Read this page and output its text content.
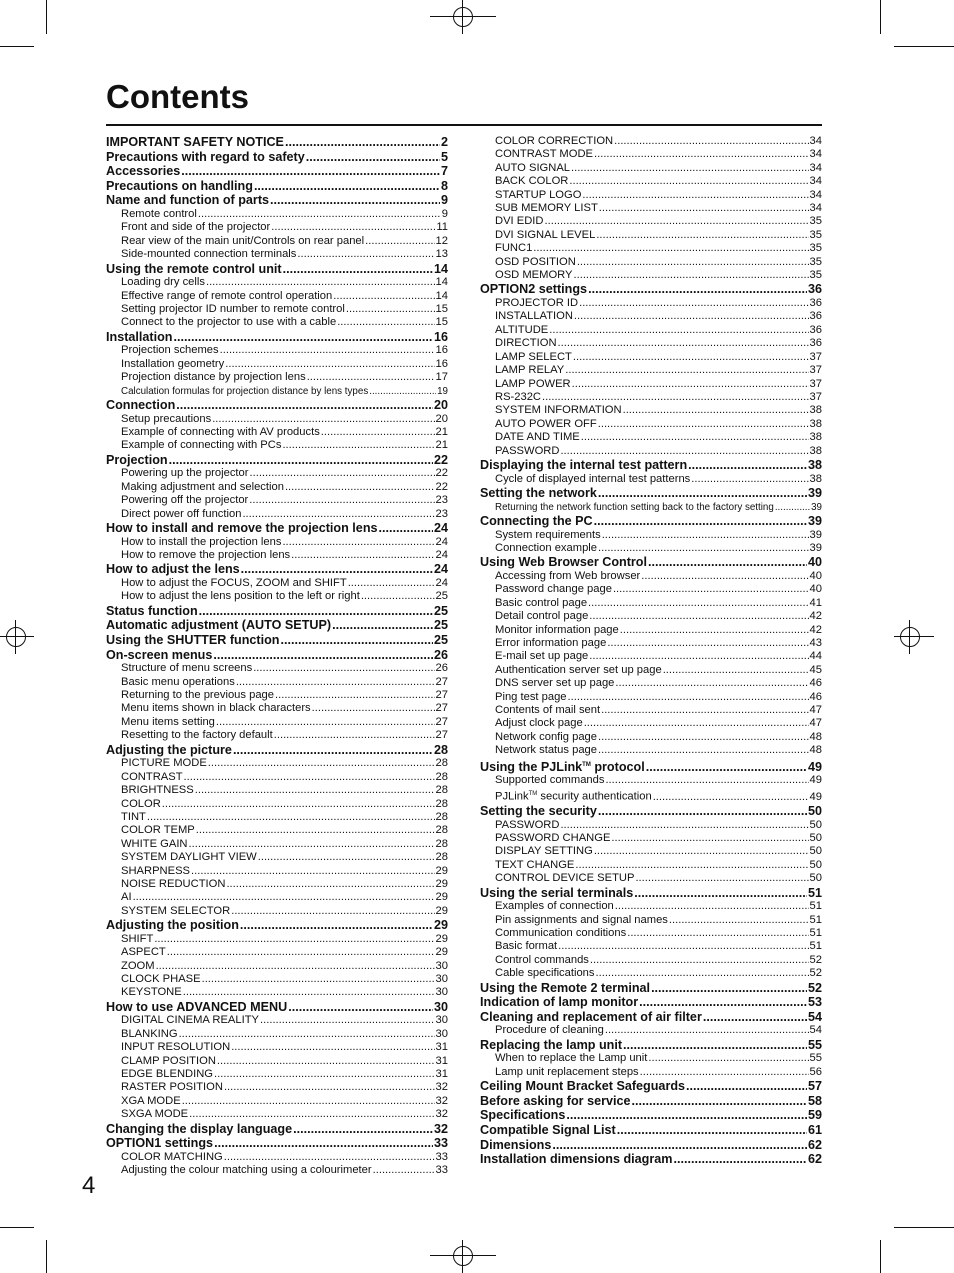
Contents
IMPORTANT SAFETY NOTICE .....	2
Precautions with regard to safety .....	5
Accessories .....	7
Precautions on handling .....	8
Name and function of parts .....	9
Remote control .....	9
Front and side of the projector .....	11
Rear view of the main unit/Controls on rear panel .....	12
Side-mounted connection terminals .....	13
Using the remote control unit .....	14
Loading dry cells .....	14
Effective range of remote control operation .....	14
Setting projector ID number to remote control .....	15
Connect to the projector to use with a cable .....	15
Installation .....	16
Projection schemes .....	16
Installation geometry .....	16
Projection distance by projection lens .....	17
Calculation formulas for projection distance by lens types .....	19
Connection .....	20
Setup precautions .....	20
Example of connecting with AV products .....	21
Example of connecting with PCs .....	21
Projection .....	22
Powering up the projector .....	22
Making adjustment and selection .....	22
Powering off the projector .....	23
Direct power off function .....	23
How to install and remove the projection lens .....	24
How to install the projection lens .....	24
How to remove the projection lens .....	24
How to adjust the lens .....	24
How to adjust the FOCUS, ZOOM and SHIFT .....	24
How to adjust the lens position to the left or right .....	25
Status function .....	25
Automatic adjustment (AUTO SETUP) .....	25
Using the SHUTTER function .....	25
On-screen menus .....	26
Structure of menu screens .....	26
Basic menu operations .....	27
Returning to the previous page .....	27
Menu items shown in black characters .....	27
Menu items setting .....	27
Resetting to the factory default .....	27
Adjusting the picture .....	28
PICTURE MODE .....	28
CONTRAST .....	28
BRIGHTNESS .....	28
COLOR .....	28
TINT .....	28
COLOR TEMP .....	28
WHITE GAIN .....	28
SYSTEM DAYLIGHT VIEW .....	28
SHARPNESS .....	29
NOISE REDUCTION .....	29
AI .....	29
SYSTEM SELECTOR .....	29
Adjusting the position .....	29
SHIFT .....	29
ASPECT .....	29
ZOOM .....	30
CLOCK PHASE .....	30
KEYSTONE .....	30
How to use ADVANCED MENU .....	30
DIGITAL CINEMA REALITY .....	30
BLANKING .....	30
INPUT RESOLUTION .....	31
CLAMP POSITION .....	31
EDGE BLENDING .....	31
RASTER POSITION .....	32
XGA MODE .....	32
SXGA MODE .....	32
Changing the display language .....	32
OPTION1 settings .....	33
COLOR MATCHING .....	33
Adjusting the colour matching using a colourimeter .....	33
COLOR CORRECTION .....	34
CONTRAST MODE .....	34
AUTO SIGNAL .....	34
BACK COLOR .....	34
STARTUP LOGO .....	34
SUB MEMORY LIST .....	34
DVI EDID .....	35
DVI SIGNAL LEVEL .....	35
FUNC1 .....	35
OSD POSITION .....	35
OSD MEMORY .....	35
OPTION2 settings .....	36
PROJECTOR ID .....	36
INSTALLATION .....	36
ALTITUDE .....	36
DIRECTION .....	36
LAMP SELECT .....	37
LAMP RELAY .....	37
LAMP POWER .....	37
RS-232C .....	37
SYSTEM INFORMATION .....	38
AUTO POWER OFF .....	38
DATE AND TIME .....	38
PASSWORD .....	38
Displaying the internal test pattern .....	38
Cycle of displayed internal test patterns .....	38
Setting the network .....	39
Returning the network function setting back to the factory setting .....	39
Connecting the PC .....	39
System requirements .....	39
Connection example .....	39
Using Web Browser Control .....	40
Accessing from Web browser .....	40
Password change page .....	40
Basic control page .....	41
Detail control page .....	42
Monitor information page .....	42
Error information page .....	43
E-mail set up page .....	44
Authentication server set up page .....	45
DNS server set up page .....	46
Ping test page .....	46
Contents of mail sent .....	47
Adjust clock page .....	47
Network config page .....	48
Network status page .....	48
Using the PJLink™ protocol .....	49
Supported commands .....	49
PJLink™ security authentication .....	49
Setting the security .....	50
PASSWORD .....	50
PASSWORD CHANGE .....	50
DISPLAY SETTING .....	50
TEXT CHANGE .....	50
CONTROL DEVICE SETUP .....	50
Using the serial terminals .....	51
Examples of connection .....	51
Pin assignments and signal names .....	51
Communication conditions .....	51
Basic format .....	51
Control commands .....	52
Cable specifications .....	52
Using the Remote 2 terminal .....	52
Indication of lamp monitor .....	53
Cleaning and replacement of air filter .....	54
Procedure of cleaning .....	54
Replacing the lamp unit .....	55
When to replace the Lamp unit .....	55
Lamp unit replacement steps .....	56
Ceiling Mount Bracket Safeguards .....	57
Before asking for service .....	58
Specifications .....	59
Compatible Signal List .....	61
Dimensions .....	62
Installation dimensions diagram .....	62
4
